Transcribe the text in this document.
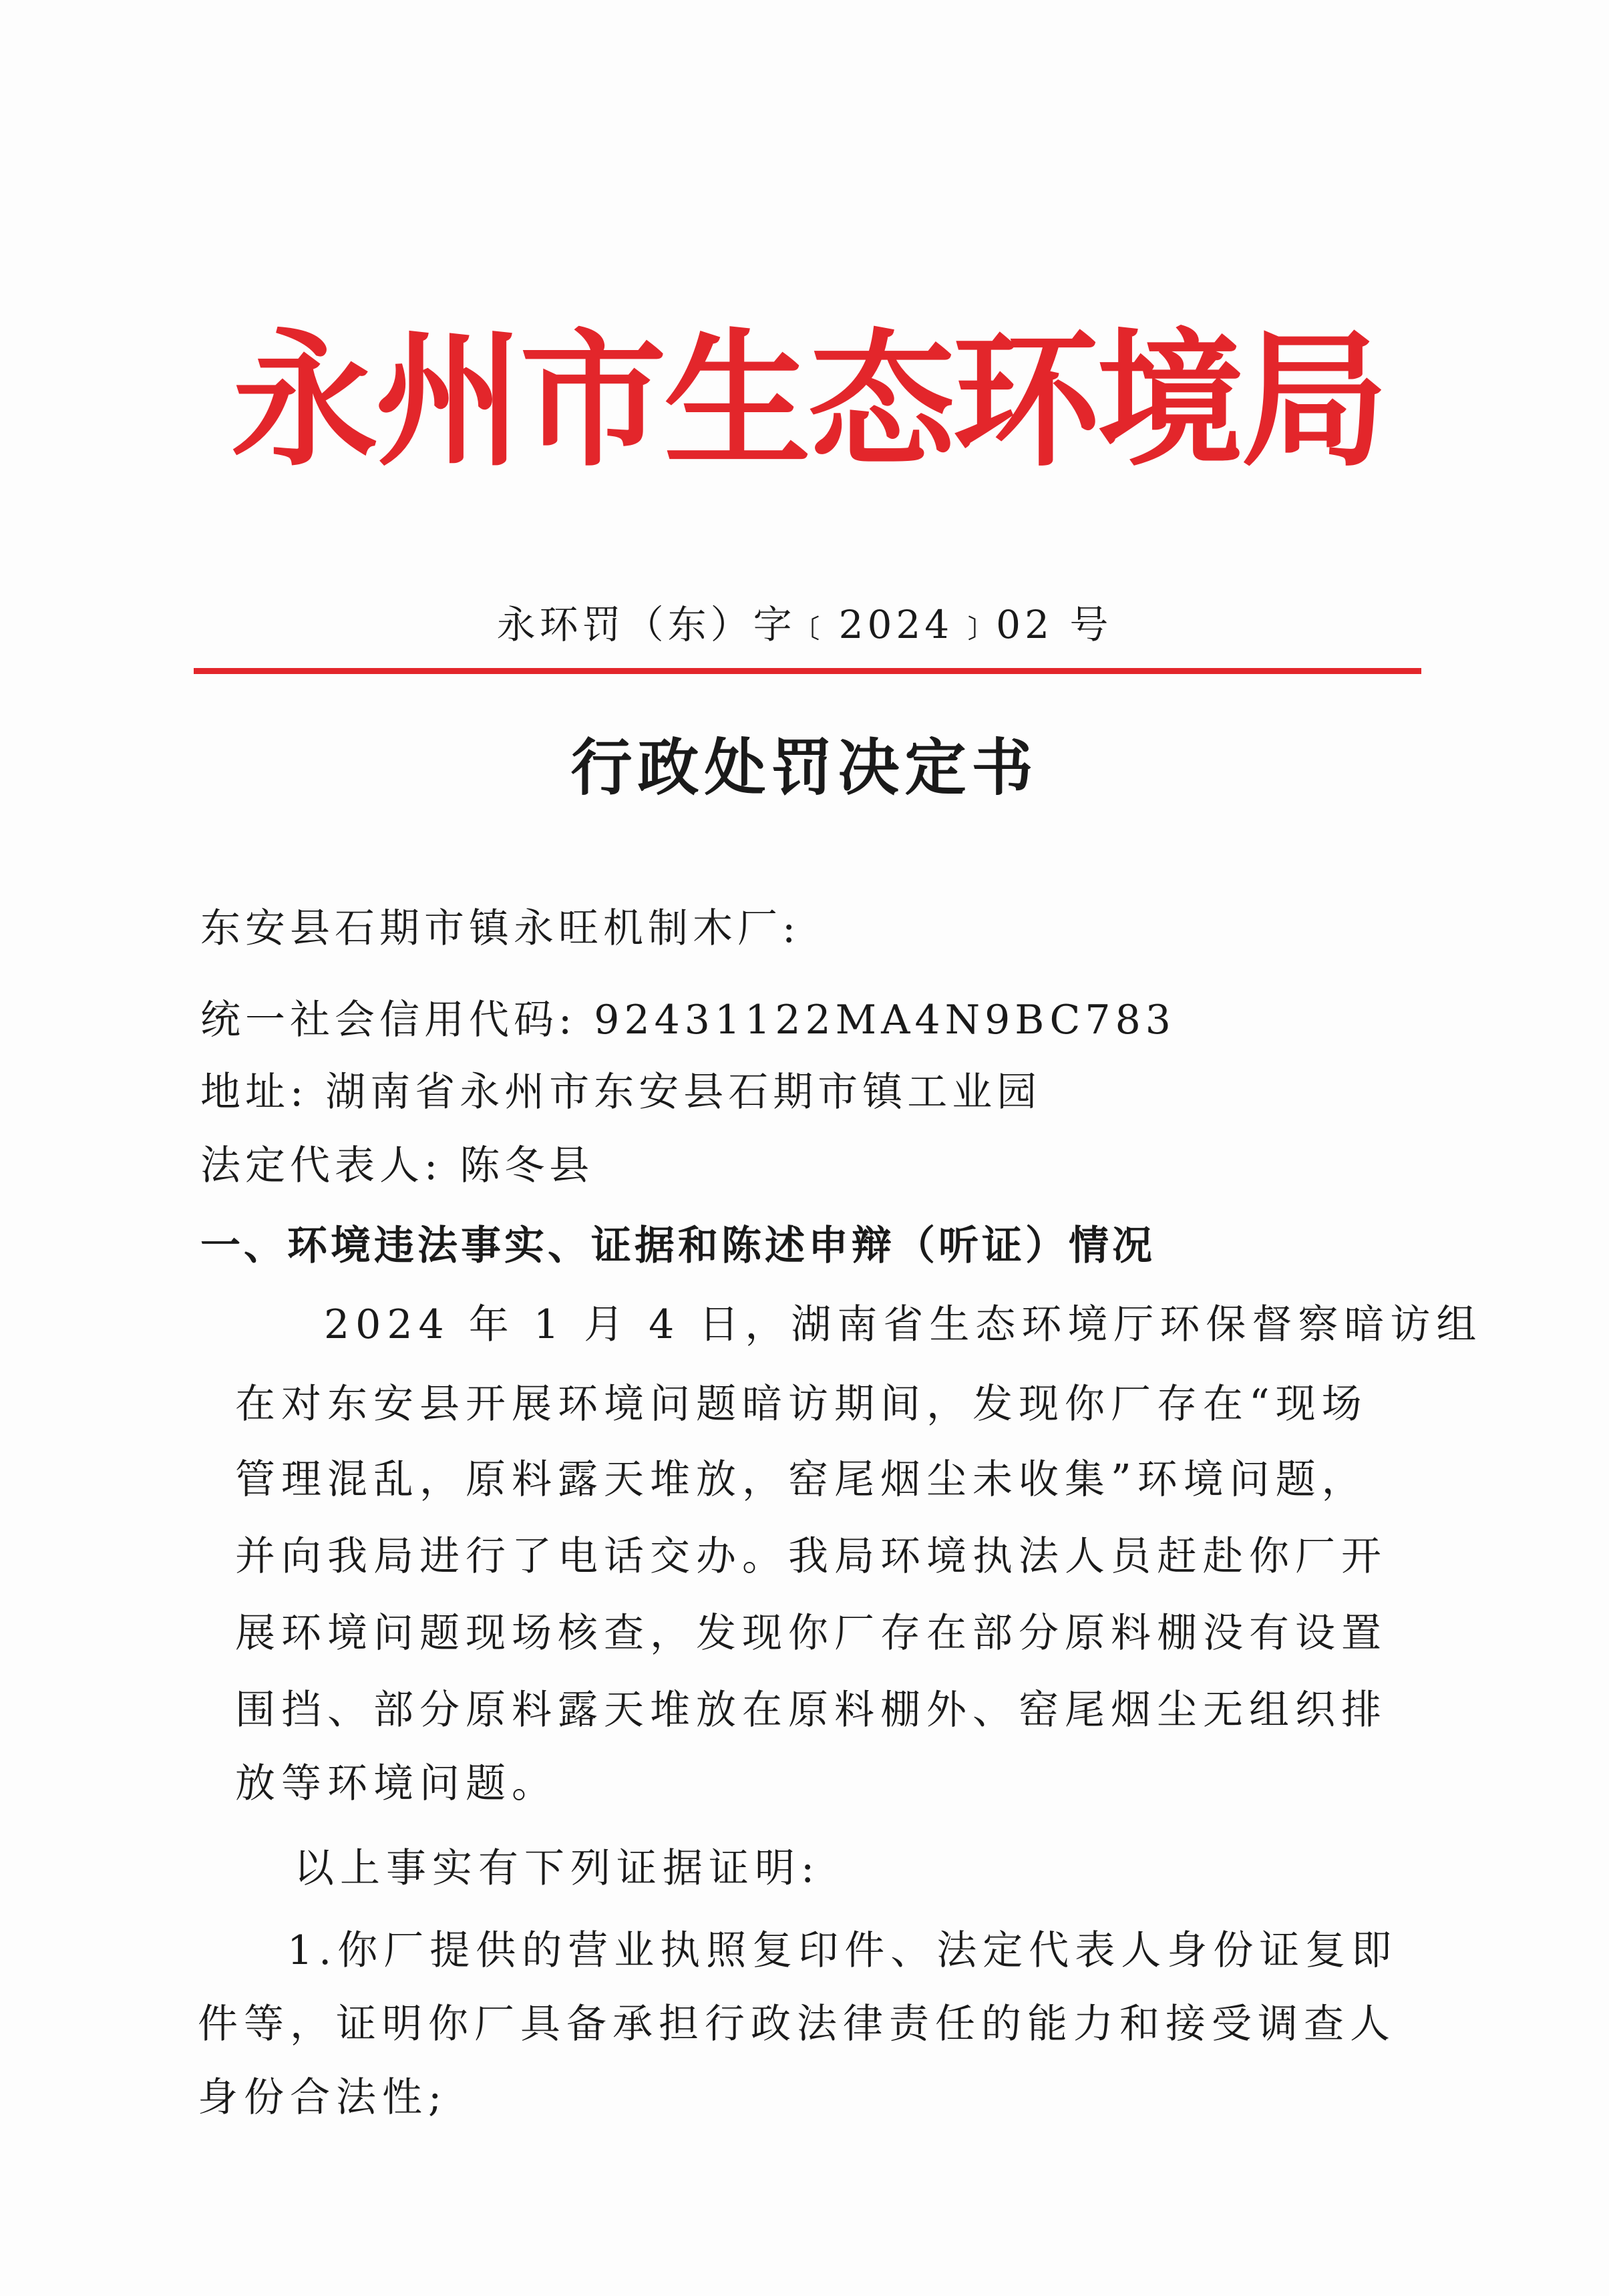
永州市生态环境局
永环罚（东）字﹝2024﹞02 号
行政处罚决定书
东安县石期市镇永旺机制木厂:
统一社会信用代码: 92431122MA4N9BC783
地址: 湖南省永州市东安县石期市镇工业园
法定代表人: 陈冬县
一、环境违法事实、证据和陈述申辩（听证）情况
2024 年 1 月 4 日，湖南省生态环境厅环保督察暗访组
在对东安县开展环境问题暗访期间，发现你厂存在“现场
管理混乱，原料露天堆放，窑尾烟尘未收集”环境问题，
并向我局进行了电话交办。我局环境执法人员赶赴你厂开
展环境问题现场核查，发现你厂存在部分原料棚没有设置
围挡、部分原料露天堆放在原料棚外、窑尾烟尘无组织排
放等环境问题。
以上事实有下列证据证明:
1.你厂提供的营业执照复印件、法定代表人身份证复即
件等，证明你厂具备承担行政法律责任的能力和接受调查人
身份合法性;
